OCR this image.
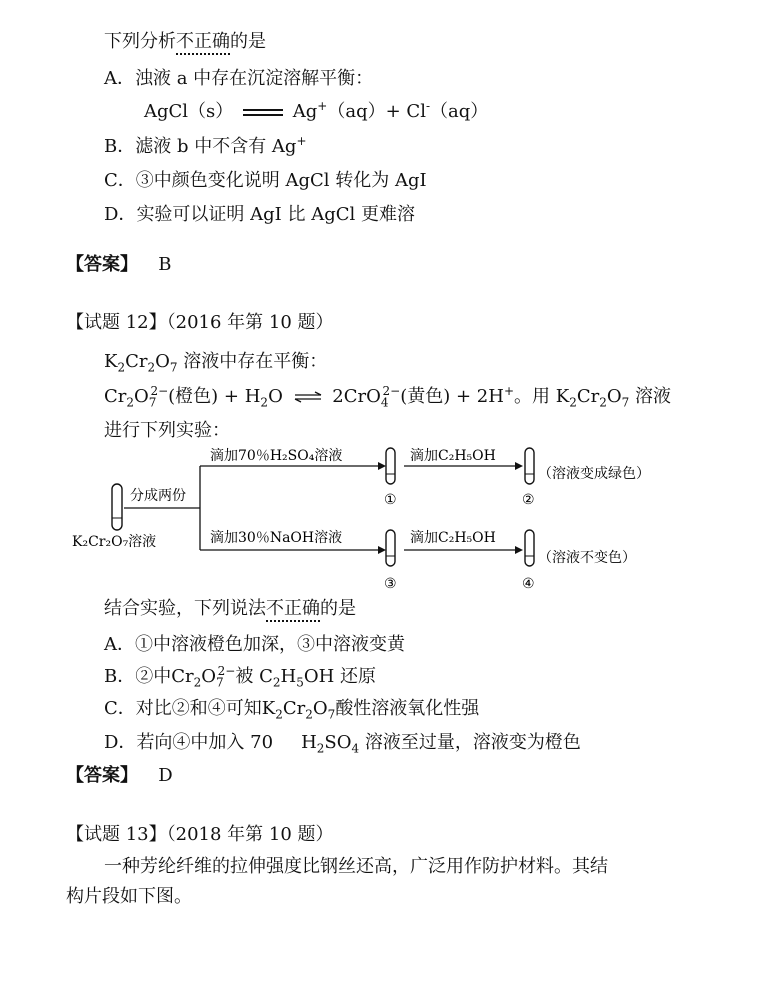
下列分析不正确的是
A．浊液 a 中存在沉淀溶解平衡：
AgCl（s）	Ag+（aq）+ Cl-（aq）
B．滤液 b 中不含有 Ag+
C．③中颜色变化说明 AgCl 转化为 AgI
D．实验可以证明 AgI 比 AgCl 更难溶
【答案】 B
【试题 12】（2016 年第 10 题）
$K_2Cr_2O_7$ 溶液中存在平衡：
$Cr_2O_7^{2-}$(橙色) + $H_2O$ ⇌ 2CrO$_4^{2-}$(黄色) + 2H+。用 $K_2Cr_2O_7$ 溶液
进行下列实验：
K₂Cr₂O₇溶液
分成两份
滴加70％H₂SO₄溶液
①
滴加C₂H₅OH
②
（溶液变成绿色）
滴加30％NaOH溶液
③
滴加C₂H₅OH
④
（溶液不变色）
结合实验，下列说法不正确的是
A．①中溶液橙色加深，③中溶液变黄
B．②中$Cr_2O_7^{2-}$被 $C_2H_5OH$ 还原
C．对比②和④可知$K_2Cr_2O_7$酸性溶液氧化性强
D．若向④中加入 70 $H_2SO_4$ 溶液至过量，溶液变为橙色
【答案】 D
【试题 13】（2018 年第 10 题）
一种芳纶纤维的拉伸强度比钢丝还高，广泛用作防护材料。其结
构片段如下图。
